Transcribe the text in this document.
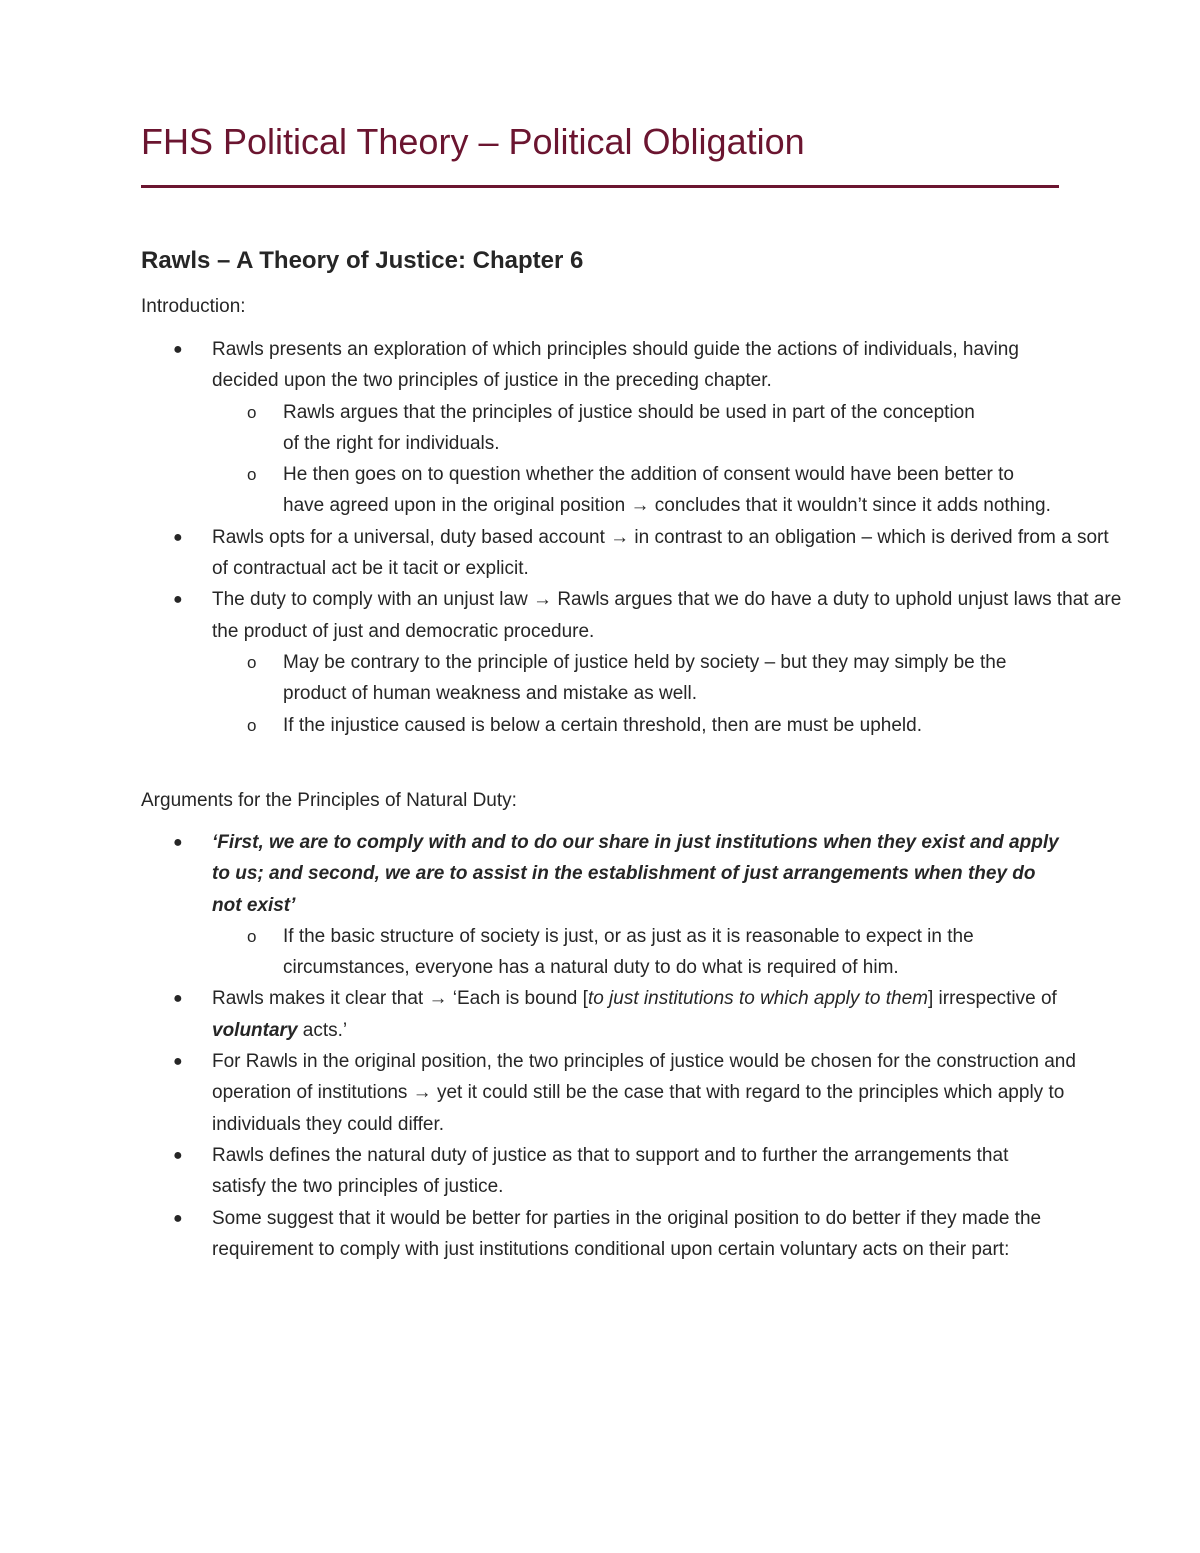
FHS Political Theory – Political Obligation
Rawls – A Theory of Justice: Chapter 6
Introduction:
● Rawls presents an exploration of which principles should guide the actions of individuals, having decided upon the two principles of justice in the preceding chapter.
o Rawls argues that the principles of justice should be used in part of the conception of the right for individuals.
o He then goes on to question whether the addition of consent would have been better to have agreed upon in the original position → concludes that it wouldn’t since it adds nothing.
● Rawls opts for a universal, duty based account → in contrast to an obligation – which is derived from a sort of contractual act be it tacit or explicit.
● The duty to comply with an unjust law → Rawls argues that we do have a duty to uphold unjust laws that are the product of just and democratic procedure.
o May be contrary to the principle of justice held by society – but they may simply be the product of human weakness and mistake as well.
o If the injustice caused is below a certain threshold, then are must be upheld.
Arguments for the Principles of Natural Duty:
● ‘First, we are to comply with and to do our share in just institutions when they exist and apply to us; and second, we are to assist in the establishment of just arrangements when they do not exist’
o If the basic structure of society is just, or as just as it is reasonable to expect in the circumstances, everyone has a natural duty to do what is required of him.
● Rawls makes it clear that → ‘Each is bound [to just institutions to which apply to them] irrespective of voluntary acts.’
● For Rawls in the original position, the two principles of justice would be chosen for the construction and operation of institutions → yet it could still be the case that with regard to the principles which apply to individuals they could differ.
● Rawls defines the natural duty of justice as that to support and to further the arrangements that satisfy the two principles of justice.
● Some suggest that it would be better for parties in the original position to do better if they made the requirement to comply with just institutions conditional upon certain voluntary acts on their part:
